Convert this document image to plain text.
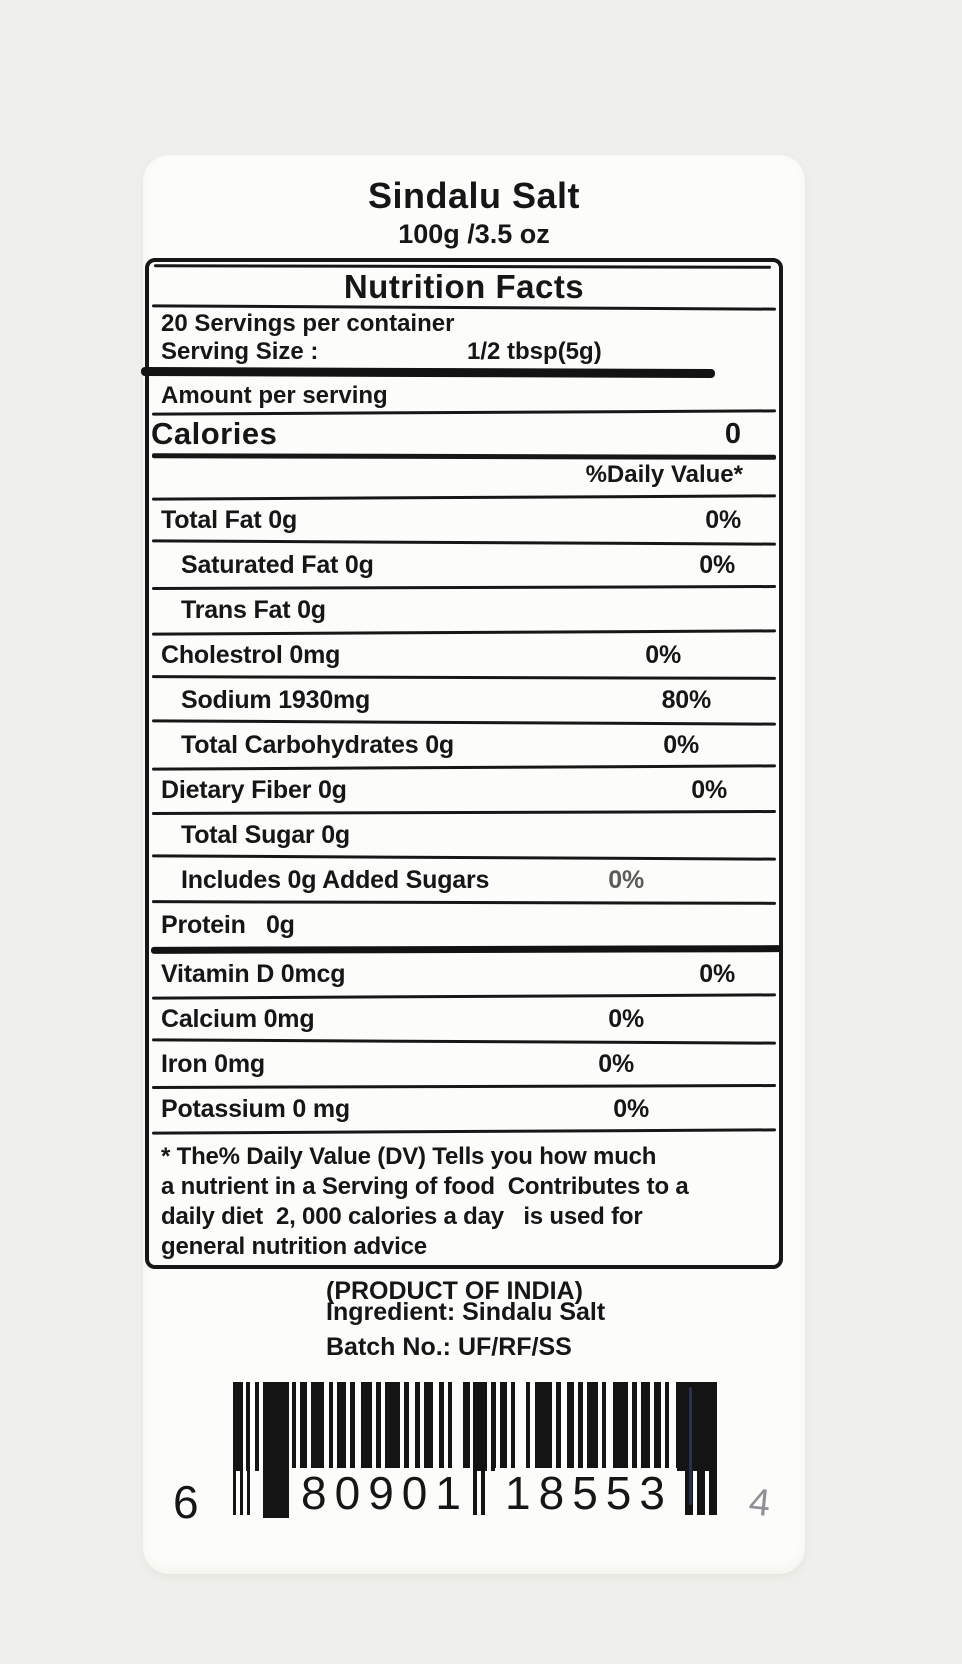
Sindalu Salt
100g /3.5 oz
Nutrition Facts
20 Servings per container
Serving Size :	1/2 tbsp(5g)
Amount per serving
Calories	0
%Daily Value*
Total Fat 0g	0%
Saturated Fat 0g	0%
Trans Fat 0g
Cholestrol 0mg	0%
Sodium 1930mg	80%
Total Carbohydrates 0g	0%
Dietary Fiber 0g	0%
Total Sugar 0g
Includes 0g Added Sugars	0%
Protein   0g
Vitamin D 0mcg	0%
Calcium 0mg	0%
Iron 0mg	0%
Potassium 0 mg	0%
* The% Daily Value (DV) Tells you how much
a nutrient in a Serving of food  Contributes to a
daily diet  2, 000 calories a day   is used for
general nutrition advice
(PRODUCT OF INDIA)
Ingredient: Sindalu Salt
Batch No.: UF/RF/SS
80901 18553
6	4
